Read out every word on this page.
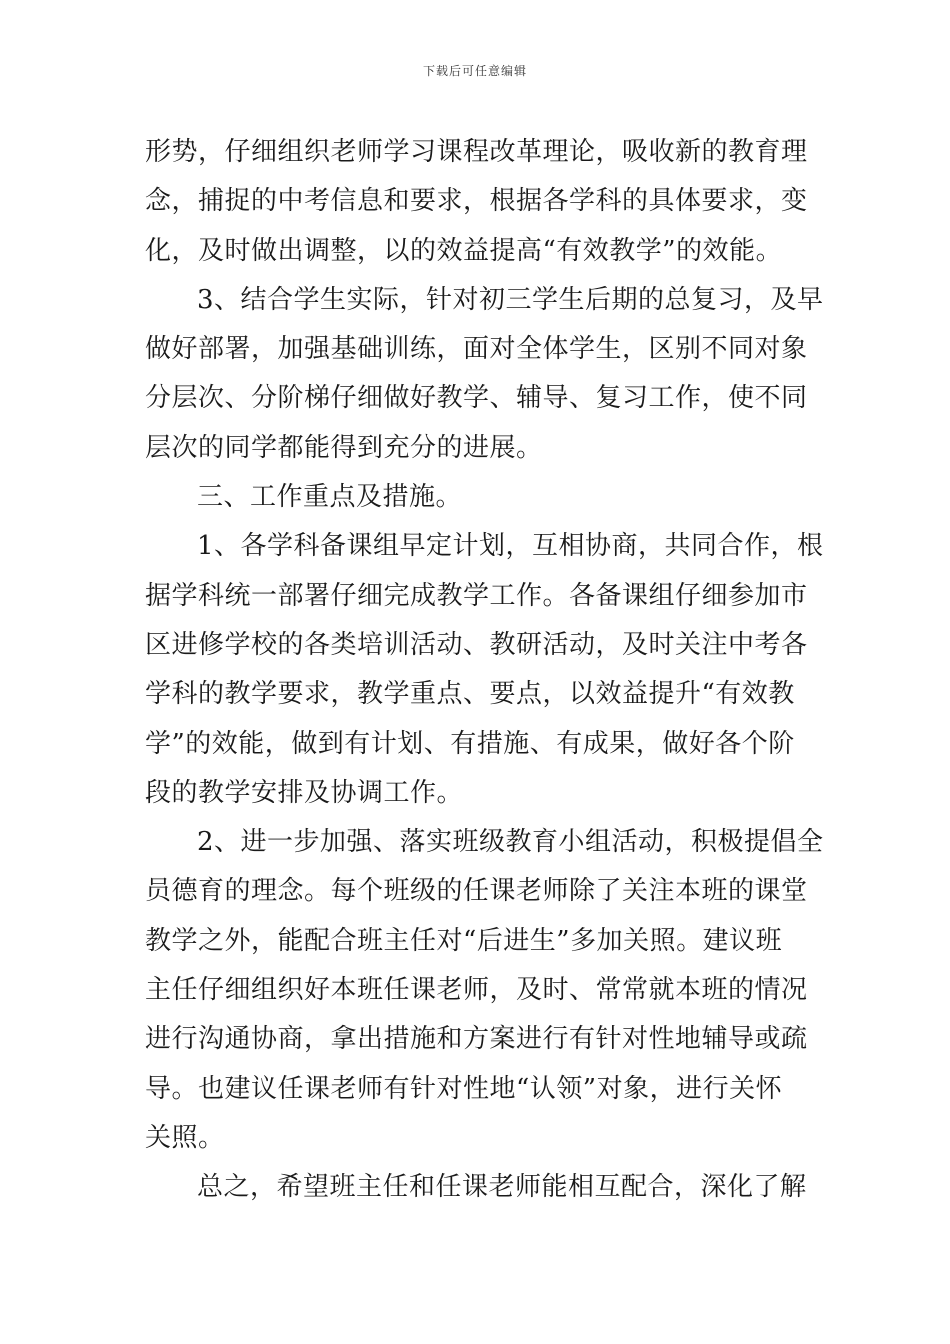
下载后可任意编辑
形势，仔细组织老师学习课程改革理论，吸收新的教育理
念，捕捉的中考信息和要求，根据各学科的具体要求，变
化，及时做出调整，以的效益提高“有效教学”的效能。
3、结合学生实际，针对初三学生后期的总复习，及早
做好部署，加强基础训练，面对全体学生，区别不同对象
分层次、分阶梯仔细做好教学、辅导、复习工作，使不同
层次的同学都能得到充分的进展。
三、工作重点及措施。
1、各学科备课组早定计划，互相协商，共同合作，根
据学科统一部署仔细完成教学工作。各备课组仔细参加市
区进修学校的各类培训活动、教研活动，及时关注中考各
学科的教学要求，教学重点、要点，以效益提升“有效教
学”的效能，做到有计划、有措施、有成果，做好各个阶
段的教学安排及协调工作。
2、进一步加强、落实班级教育小组活动，积极提倡全
员德育的理念。每个班级的任课老师除了关注本班的课堂
教学之外，能配合班主任对“后进生”多加关照。建议班
主任仔细组织好本班任课老师，及时、常常就本班的情况
进行沟通协商，拿出措施和方案进行有针对性地辅导或疏
导。也建议任课老师有针对性地“认领”对象，进行关怀
关照。
总之，希望班主任和任课老师能相互配合，深化了解
